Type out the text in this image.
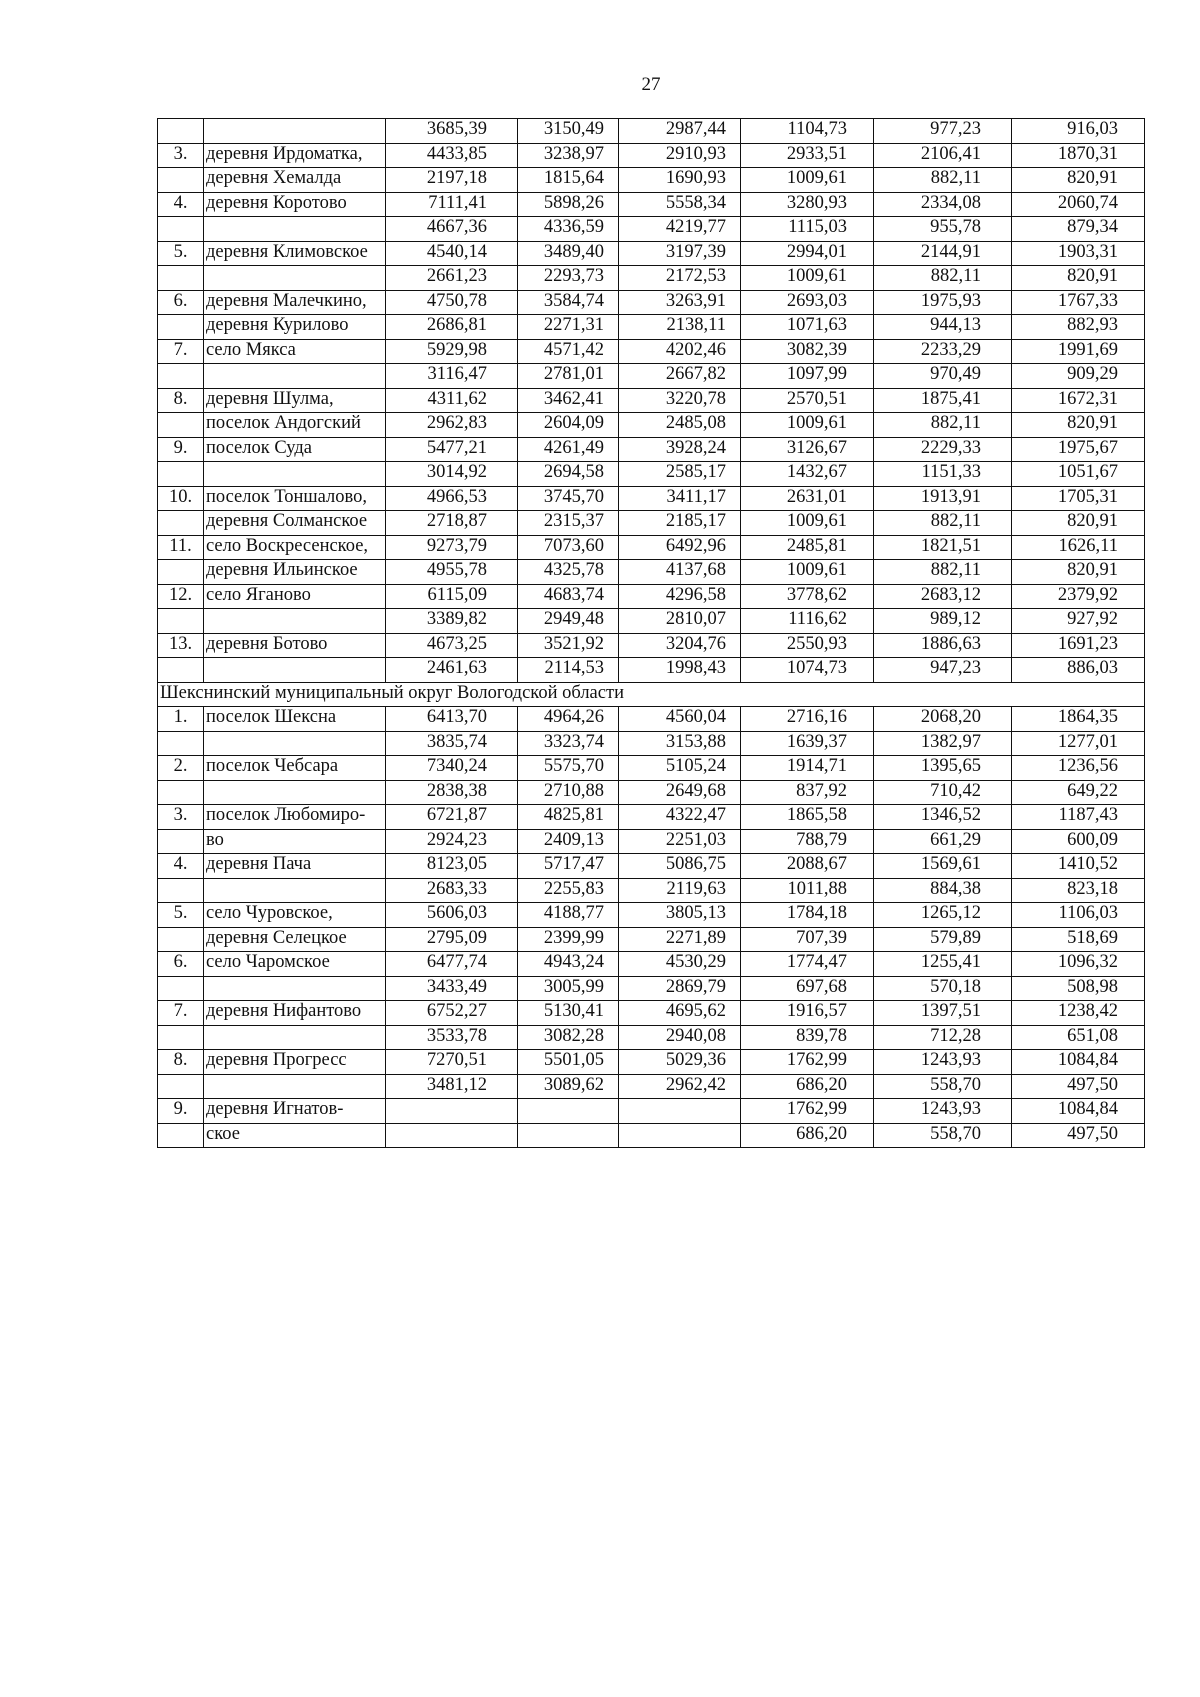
27
		3685,39	3150,49	2987,44	1104,73	977,23	916,03
3.	деревня Ирдоматка,	4433,85	3238,97	2910,93	2933,51	2106,41	1870,31
	деревня Хемалда	2197,18	1815,64	1690,93	1009,61	882,11	820,91
4.	деревня Коротово	7111,41	5898,26	5558,34	3280,93	2334,08	2060,74
		4667,36	4336,59	4219,77	1115,03	955,78	879,34
5.	деревня Климовское	4540,14	3489,40	3197,39	2994,01	2144,91	1903,31
		2661,23	2293,73	2172,53	1009,61	882,11	820,91
6.	деревня Малечкино,	4750,78	3584,74	3263,91	2693,03	1975,93	1767,33
	деревня Курилово	2686,81	2271,31	2138,11	1071,63	944,13	882,93
7.	село Мякса	5929,98	4571,42	4202,46	3082,39	2233,29	1991,69
		3116,47	2781,01	2667,82	1097,99	970,49	909,29
8.	деревня Шулма,	4311,62	3462,41	3220,78	2570,51	1875,41	1672,31
	поселок Андогский	2962,83	2604,09	2485,08	1009,61	882,11	820,91
9.	поселок Суда	5477,21	4261,49	3928,24	3126,67	2229,33	1975,67
		3014,92	2694,58	2585,17	1432,67	1151,33	1051,67
10.	поселок Тоншалово,	4966,53	3745,70	3411,17	2631,01	1913,91	1705,31
	деревня Солманское	2718,87	2315,37	2185,17	1009,61	882,11	820,91
11.	село Воскресенское,	9273,79	7073,60	6492,96	2485,81	1821,51	1626,11
	деревня Ильинское	4955,78	4325,78	4137,68	1009,61	882,11	820,91
12.	село Яганово	6115,09	4683,74	4296,58	3778,62	2683,12	2379,92
		3389,82	2949,48	2810,07	1116,62	989,12	927,92
13.	деревня Ботово	4673,25	3521,92	3204,76	2550,93	1886,63	1691,23
		2461,63	2114,53	1998,43	1074,73	947,23	886,03
Шекснинский муниципальный округ Вологодской области							
1.	поселок Шексна	6413,70	4964,26	4560,04	2716,16	2068,20	1864,35
		3835,74	3323,74	3153,88	1639,37	1382,97	1277,01
2.	поселок Чебсара	7340,24	5575,70	5105,24	1914,71	1395,65	1236,56
		2838,38	2710,88	2649,68	837,92	710,42	649,22
3.	поселок Любомиро-	6721,87	4825,81	4322,47	1865,58	1346,52	1187,43
	во	2924,23	2409,13	2251,03	788,79	661,29	600,09
4.	деревня Пача	8123,05	5717,47	5086,75	2088,67	1569,61	1410,52
		2683,33	2255,83	2119,63	1011,88	884,38	823,18
5.	село Чуровское,	5606,03	4188,77	3805,13	1784,18	1265,12	1106,03
	деревня Селецкое	2795,09	2399,99	2271,89	707,39	579,89	518,69
6.	село Чаромское	6477,74	4943,24	4530,29	1774,47	1255,41	1096,32
		3433,49	3005,99	2869,79	697,68	570,18	508,98
7.	деревня Нифантово	6752,27	5130,41	4695,62	1916,57	1397,51	1238,42
		3533,78	3082,28	2940,08	839,78	712,28	651,08
8.	деревня Прогресс	7270,51	5501,05	5029,36	1762,99	1243,93	1084,84
		3481,12	3089,62	2962,42	686,20	558,70	497,50
9.	деревня Игнатов-				1762,99	1243,93	1084,84
	ское				686,20	558,70	497,50
